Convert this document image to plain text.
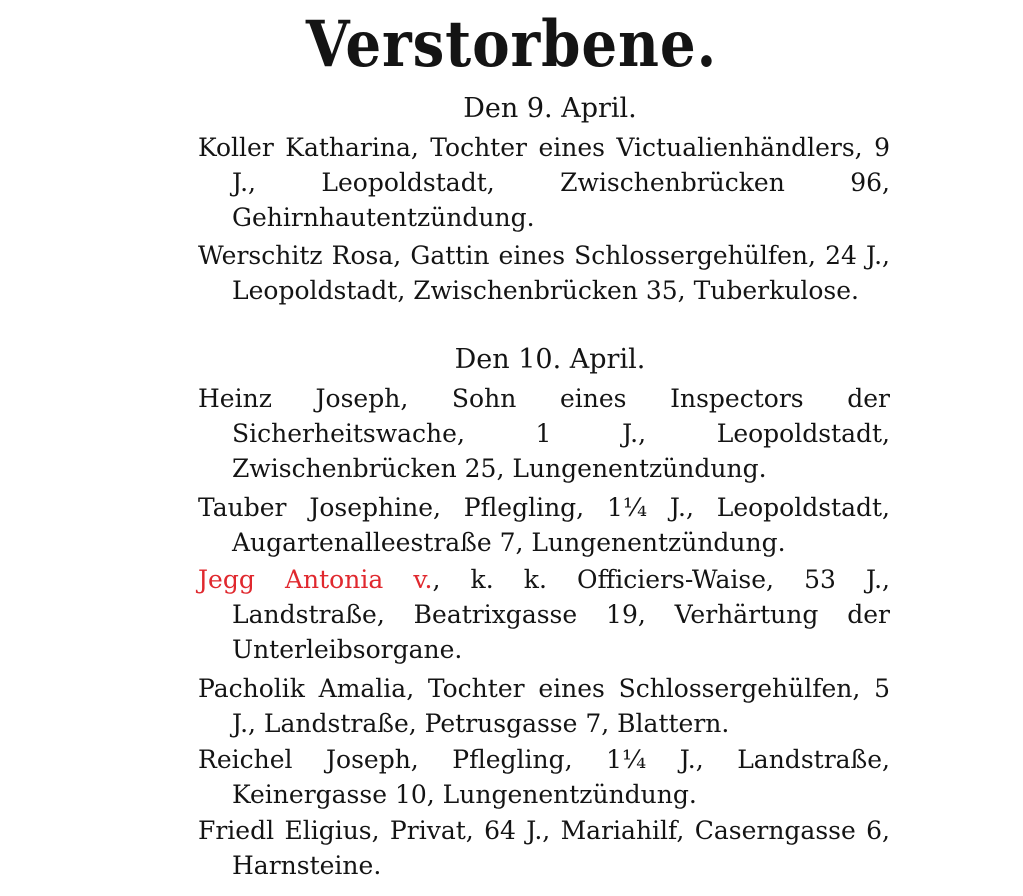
Verstorbene.
Den 9. April.
Koller Katharina, Tochter eines Victualienhändlers, 9 J., Leopoldstadt, Zwischenbrücken 96, Gehirnhautentzündung.
Werschitz Rosa, Gattin eines Schlossergehülfen, 24 J., Leopoldstadt, Zwischenbrücken 35, Tuberkulose.
Den 10. April.
Heinz Joseph, Sohn eines Inspectors der Sicherheitswache, 1 J., Leopoldstadt, Zwischenbrücken 25, Lungenentzündung.
Tauber Josephine, Pflegling, 1¼ J., Leopoldstadt, Augartenalleestraße 7, Lungenentzündung.
Jegg Antonia v., k. k. Officiers-Waise, 53 J., Landstraße, Beatrixgasse 19, Verhärtung der Unterleibsorgane.
Pacholik Amalia, Tochter eines Schlossergehülfen, 5 J., Landstraße, Petrusgasse 7, Blattern.
Reichel Joseph, Pflegling, 1¼ J., Landstraße, Keinergasse 10, Lungenentzündung.
Friedl Eligius, Privat, 64 J., Mariahilf, Caserngasse 6, Harnsteine.
